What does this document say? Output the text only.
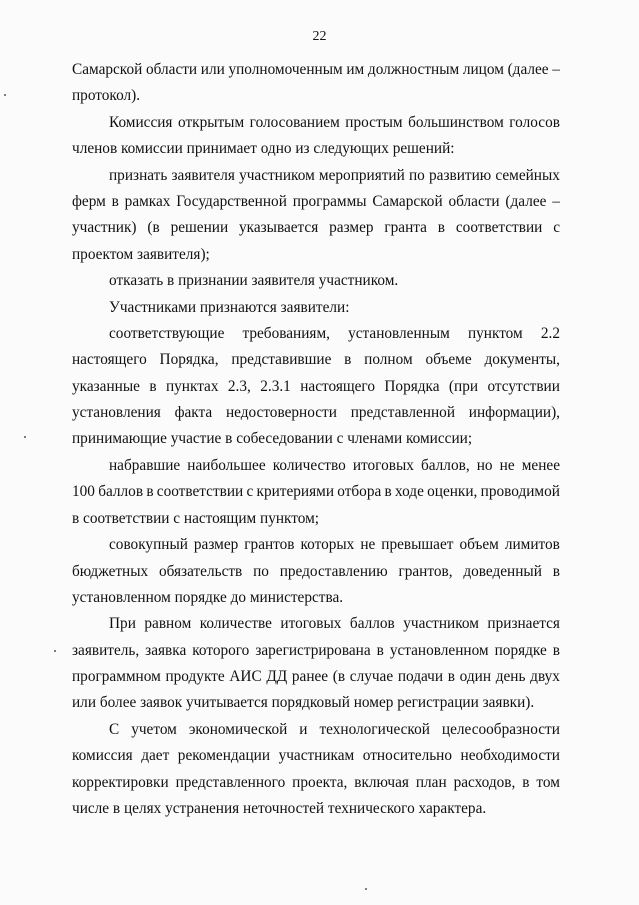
22
Самарской области или уполномоченным им должностным лицом (далее –
протокол).
Комиссия открытым голосованием простым большинством голосов
членов комиссии принимает одно из следующих решений:
признать заявителя участником мероприятий по развитию семейных
ферм в рамках Государственной программы Самарской области (далее –
участник) (в решении указывается размер гранта в соответствии с
проектом заявителя);
отказать в признании заявителя участником.
Участниками признаются заявители:
соответствующие требованиям, установленным пунктом 2.2
настоящего Порядка, представившие в полном объеме документы,
указанные в пунктах 2.3, 2.3.1 настоящего Порядка (при отсутствии
установления факта недостоверности представленной информации),
принимающие участие в собеседовании с членами комиссии;
набравшие наибольшее количество итоговых баллов, но не менее
100 баллов в соответствии с критериями отбора в ходе оценки, проводимой
в соответствии с настоящим пунктом;
совокупный размер грантов которых не превышает объем лимитов
бюджетных обязательств по предоставлению грантов, доведенный в
установленном порядке до министерства.
При равном количестве итоговых баллов участником признается
заявитель, заявка которого зарегистрирована в установленном порядке в
программном продукте АИС ДД ранее (в случае подачи в один день двух
или более заявок учитывается порядковый номер регистрации заявки).
С учетом экономической и технологической целесообразности
комиссия дает рекомендации участникам относительно необходимости
корректировки представленного проекта, включая план расходов, в том
числе в целях устранения неточностей технического характера.
